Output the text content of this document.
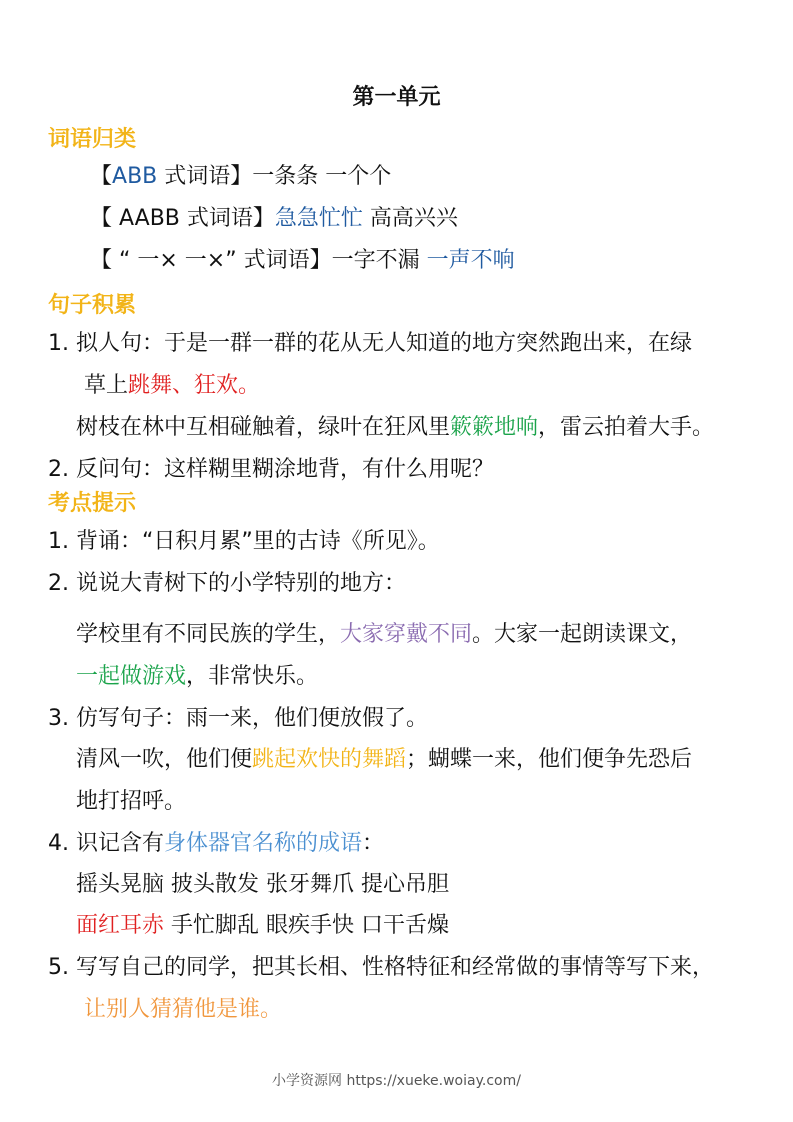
第一单元
词语归类
【ABB 式词语】一条条 一个个
【 AABB 式词语】急急忙忙 高高兴兴
【 “ 一× 一×” 式词语】一字不漏 一声不响
句子积累
1. 拟人句：于是一群一群的花从无人知道的地方突然跑出来，在绿
草上跳舞、狂欢。
树枝在林中互相碰触着，绿叶在狂风里簌簌地响，雷云拍着大手。
2. 反问句：这样糊里糊涂地背，有什么用呢？
考点提示
1. 背诵：“日积月累”里的古诗《所见》。
2. 说说大青树下的小学特别的地方：
学校里有不同民族的学生，大家穿戴不同。大家一起朗读课文，
一起做游戏，非常快乐。
3. 仿写句子：雨一来，他们便放假了。
清风一吹，他们便跳起欢快的舞蹈；蝴蝶一来，他们便争先恐后
地打招呼。
4. 识记含有身体器官名称的成语：
摇头晃脑 披头散发 张牙舞爪 提心吊胆
面红耳赤 手忙脚乱 眼疾手快 口干舌燥
5. 写写自己的同学，把其长相、性格特征和经常做的事情等写下来，
让别人猜猜他是谁。
小学资源网 https://xueke.woiay.com/
